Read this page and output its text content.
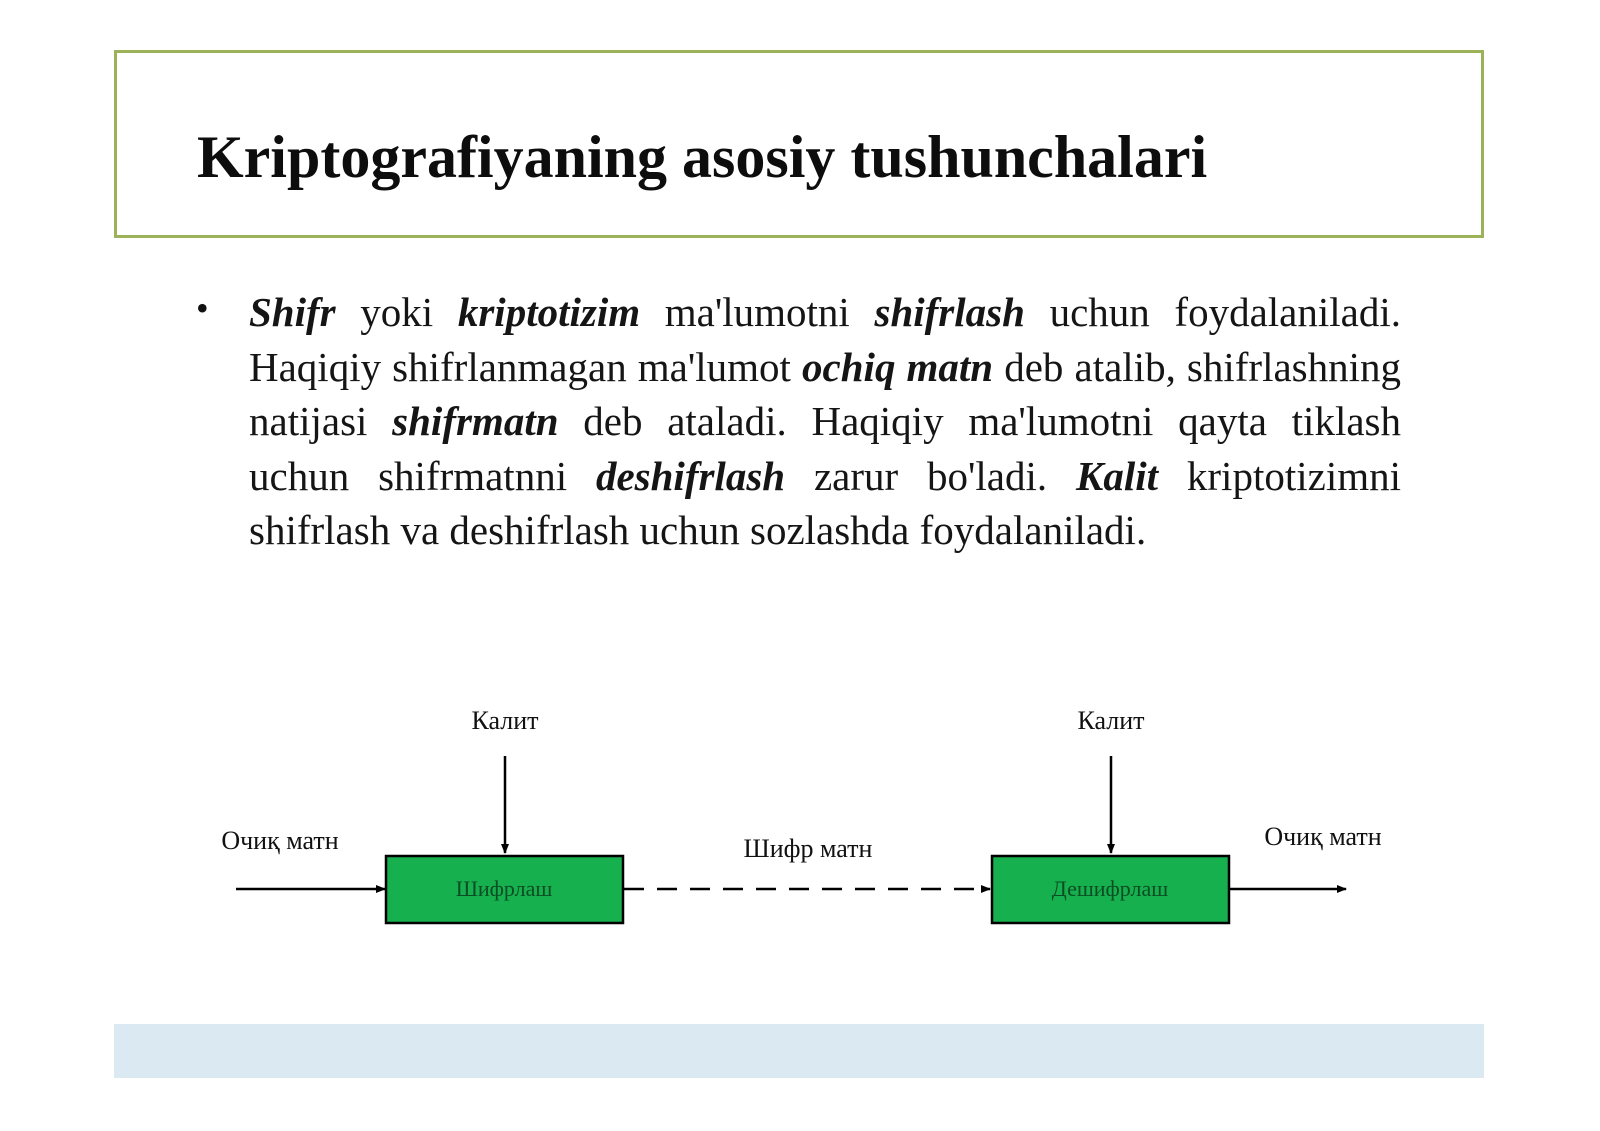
Kriptografiyaning asosiy tushunchalari
• Shifr yoki kriptotizim ma'lumotni shifrlash uchun foydalaniladi. Haqiqiy shifrlanmagan ma'lumot ochiq matn deb atalib, shifrlashning natijasi shifrmatn deb ataladi. Haqiqiy ma'lumotni qayta tiklash uchun shifrmatnni deshifrlash zarur bo'ladi. Kalit kriptotizimni shifrlash va deshifrlash uchun sozlashda foydalaniladi.

Калит	Калит
Очиқ матн
Шифрлаш
Шифр матн
Дешифрлаш
Очиқ матн
